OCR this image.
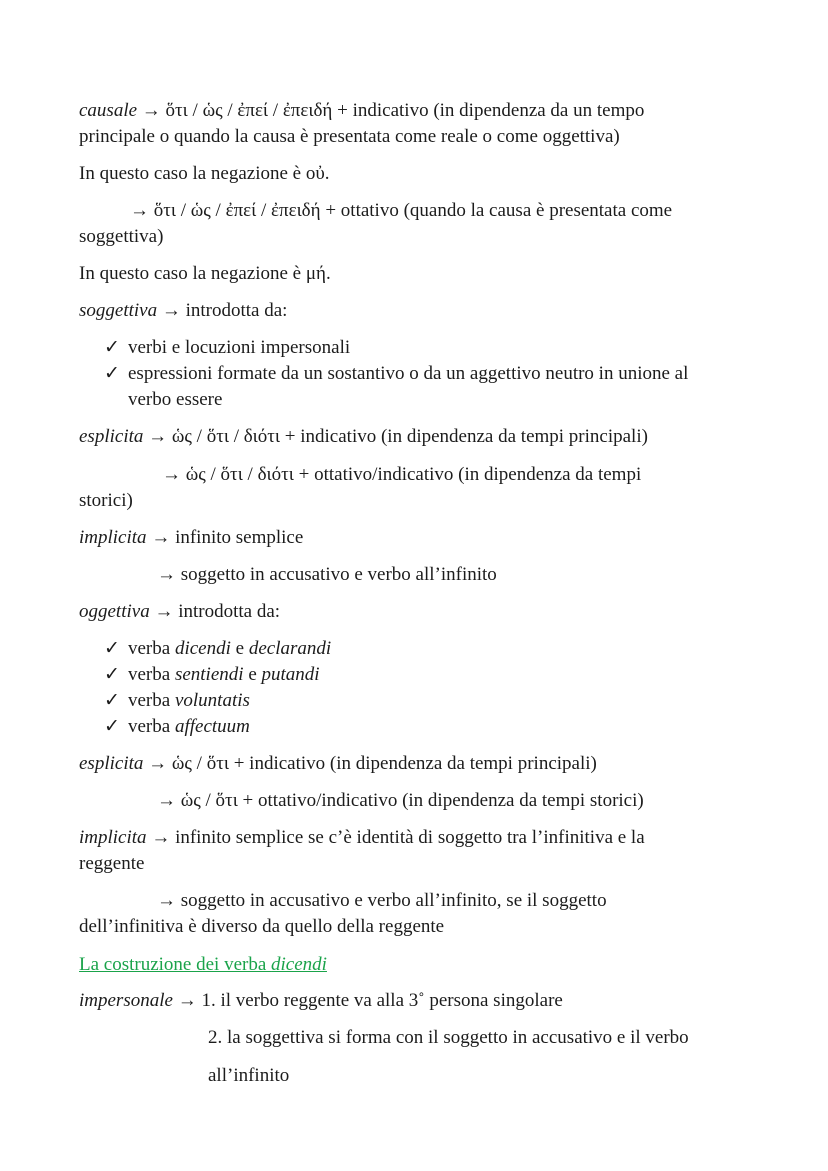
causale → ὅτι / ὡς / ἐπεί / ἐπειδή + indicativo (in dipendenza da un tempo
principale o quando la causa è presentata come reale o come oggettiva)
In questo caso la negazione è οὐ.
→ ὅτι / ὡς / ἐπεί / ἐπειδή + ottativo (quando la causa è presentata come
soggettiva)
In questo caso la negazione è μή.
soggettiva → introdotta da:
✓ verbi e locuzioni impersonali
✓ espressioni formate da un sostantivo o da un aggettivo neutro in unione al
verbo essere
esplicita → ὡς / ὅτι / διότι + indicativo (in dipendenza da tempi principali)
→ ὡς / ὅτι / διότι + ottativo/indicativo (in dipendenza da tempi
storici)
implicita → infinito semplice
→ soggetto in accusativo e verbo all’infinito
oggettiva → introdotta da:
✓ verba dicendi e declarandi
✓ verba sentiendi e putandi
✓ verba voluntatis
✓ verba affectuum
esplicita → ὡς / ὅτι + indicativo (in dipendenza da tempi principali)
→ ὡς / ὅτι + ottativo/indicativo (in dipendenza da tempi storici)
implicita → infinito semplice se c’è identità di soggetto tra l’infinitiva e la
reggente
→ soggetto in accusativo e verbo all’infinito, se il soggetto
dell’infinitiva è diverso da quello della reggente
La costruzione dei verba dicendi
impersonale → 1. il verbo reggente va alla 3˚ persona singolare
2. la soggettiva si forma con il soggetto in accusativo e il verbo
all’infinito
